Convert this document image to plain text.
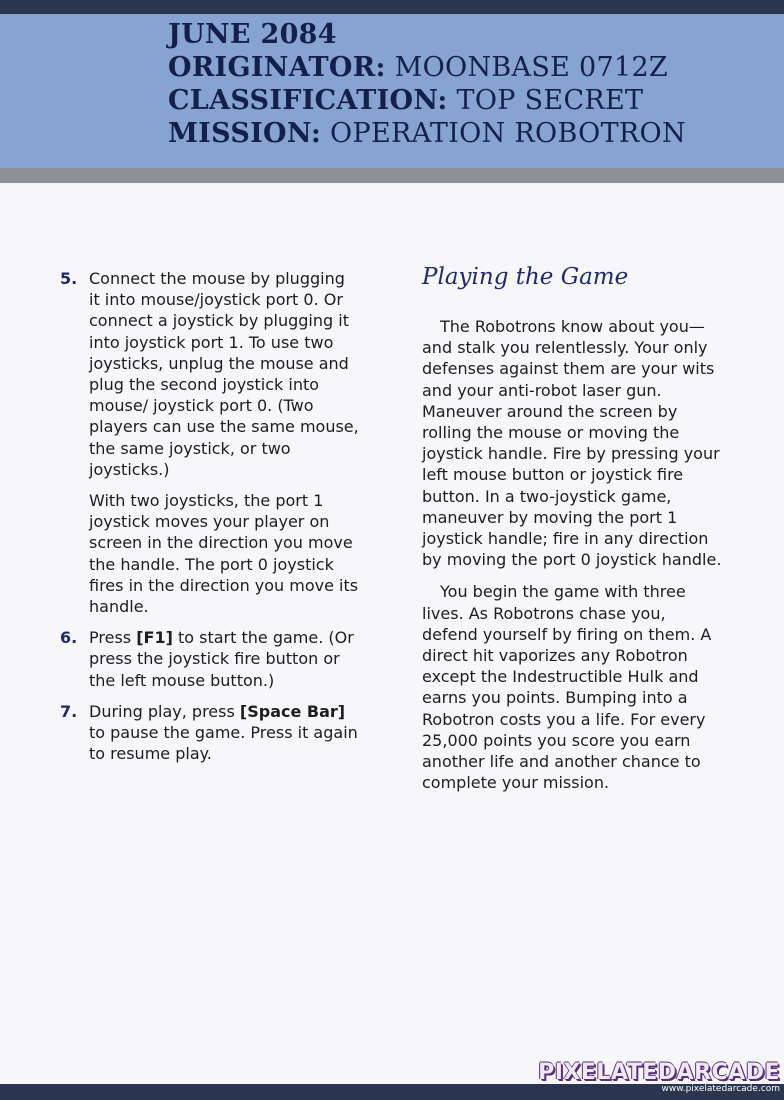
JUNE 2084
ORIGINATOR: MOONBASE 0712Z
CLASSIFICATION: TOP SECRET
MISSION: OPERATION ROBOTRON
5. Connect the mouse by plugging it into mouse/joystick port 0. Or connect a joystick by plugging it into joystick port 1. To use two joysticks, unplug the mouse and plug the second joystick into mouse/ joystick port 0. (Two players can use the same mouse, the same joystick, or two joysticks.)

With two joysticks, the port 1 joystick moves your player on screen in the direction you move the handle. The port 0 joystick fires in the direction you move its handle.

6. Press [F1] to start the game. (Or press the joystick fire button or the left mouse button.)

7. During play, press [Space Bar] to pause the game. Press it again to resume play.

Playing the Game

The Robotrons know about you—and stalk you relentlessly. Your only defenses against them are your wits and your anti-robot laser gun. Maneuver around the screen by rolling the mouse or moving the joystick handle. Fire by pressing your left mouse button or joystick fire button. In a two-joystick game, maneuver by moving the port 1 joystick handle; fire in any direction by moving the port 0 joystick handle.

You begin the game with three lives. As Robotrons chase you, defend yourself by firing on them. A direct hit vaporizes any Robotron except the Indestructible Hulk and earns you points. Bumping into a Robotron costs you a life. For every 25,000 points you score you earn another life and another chance to complete your mission.

PIXELATEDARCADE
www.pixelatedarcade.com
